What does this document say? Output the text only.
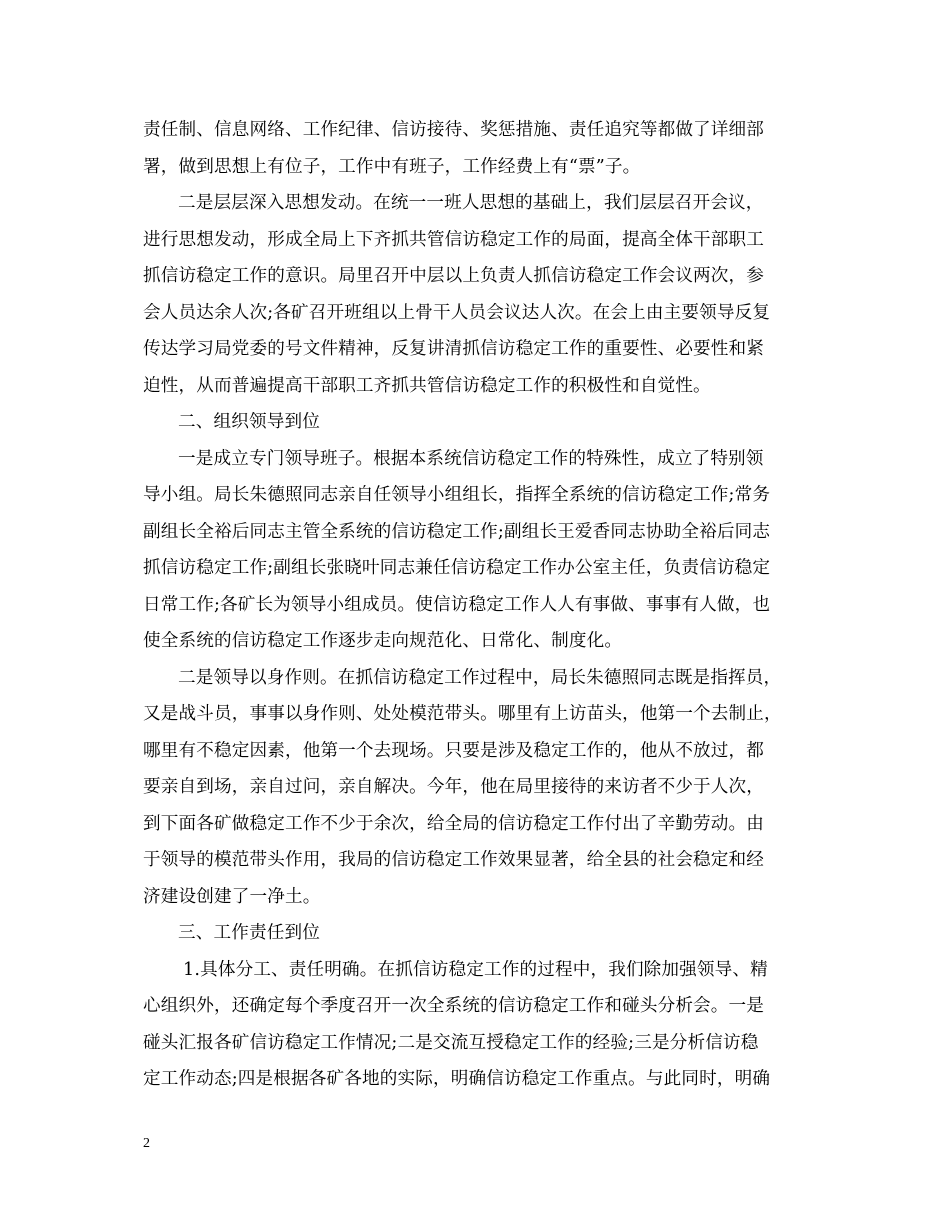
责任制、信息网络、工作纪律、信访接待、奖惩措施、责任追究等都做了详细部
署，做到思想上有位子，工作中有班子，工作经费上有“票”子。
二是层层深入思想发动。在统一一班人思想的基础上，我们层层召开会议，
进行思想发动，形成全局上下齐抓共管信访稳定工作的局面，提高全体干部职工
抓信访稳定工作的意识。局里召开中层以上负责人抓信访稳定工作会议两次，参
会人员达余人次;各矿召开班组以上骨干人员会议达人次。在会上由主要领导反复
传达学习局党委的号文件精神，反复讲清抓信访稳定工作的重要性、必要性和紧
迫性，从而普遍提高干部职工齐抓共管信访稳定工作的积极性和自觉性。
二、组织领导到位
一是成立专门领导班子。根据本系统信访稳定工作的特殊性，成立了特别领
导小组。局长朱德照同志亲自任领导小组组长，指挥全系统的信访稳定工作;常务
副组长全裕后同志主管全系统的信访稳定工作;副组长王爱香同志协助全裕后同志
抓信访稳定工作;副组长张晓叶同志兼任信访稳定工作办公室主任，负责信访稳定
日常工作;各矿长为领导小组成员。使信访稳定工作人人有事做、事事有人做，也
使全系统的信访稳定工作逐步走向规范化、日常化、制度化。
二是领导以身作则。在抓信访稳定工作过程中，局长朱德照同志既是指挥员，
又是战斗员，事事以身作则、处处模范带头。哪里有上访苗头，他第一个去制止，
哪里有不稳定因素，他第一个去现场。只要是涉及稳定工作的，他从不放过，都
要亲自到场，亲自过问，亲自解决。今年，他在局里接待的来访者不少于人次，
到下面各矿做稳定工作不少于余次，给全局的信访稳定工作付出了辛勤劳动。由
于领导的模范带头作用，我局的信访稳定工作效果显著，给全县的社会稳定和经
济建设创建了一净土。
三、工作责任到位
1.具体分工、责任明确。在抓信访稳定工作的过程中，我们除加强领导、精
心组织外，还确定每个季度召开一次全系统的信访稳定工作和碰头分析会。一是
碰头汇报各矿信访稳定工作情况;二是交流互授稳定工作的经验;三是分析信访稳
定工作动态;四是根据各矿各地的实际，明确信访稳定工作重点。与此同时，明确
2
